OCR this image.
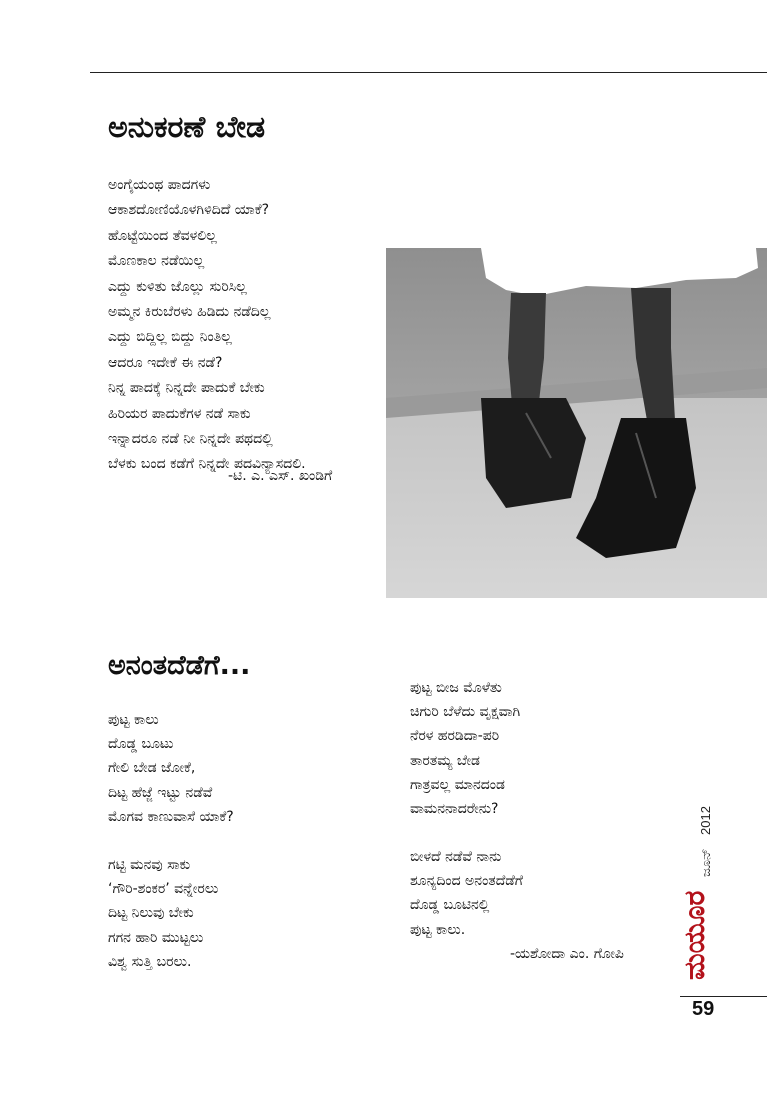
ಅನುಕರಣೆ ಬೇಡ
ಅಂಗೈಯಂಥ ಪಾದಗಳು
ಆಕಾಶದೋಣಿಯೊಳಗಿಳಿದಿದೆ ಯಾಕೆ?
ಹೊಟ್ಟೆಯಿಂದ ತೆವಳಲಿಲ್ಲ
ಮೊಣಕಾಲ ನಡೆಯಿಲ್ಲ
ಎದ್ದು ಕುಳಿತು ಜೊಲ್ಲು ಸುರಿಸಿಲ್ಲ
ಅಮ್ಮನ ಕಿರುಬೆರಳು ಹಿಡಿದು ನಡೆದಿಲ್ಲ
ಎದ್ದು ಬಿದ್ದಿಲ್ಲ ಬಿದ್ದು ನಿಂತಿಲ್ಲ
ಆದರೂ ಇದೇಕೆ ಈ ನಡೆ?
ನಿನ್ನ ಪಾದಕ್ಕೆ ನಿನ್ನದೇ ಪಾದುಕೆ ಬೇಕು
ಹಿರಿಯರ ಪಾದುಕೆಗಳ ನಡೆ ಸಾಕು
ಇನ್ನಾದರೂ ನಡೆ ನೀ ನಿನ್ನದೇ ಪಥದಲ್ಲಿ
ಬೆಳಕು ಬಂದ ಕಡೆಗೆ ನಿನ್ನದೇ ಪದವಿನ್ಯಾಸದಲಿ.
-ಟಿ. ಎ. ಎಸ್. ಖಂಡಿಗೆ
ಅನಂತದೆಡೆಗೆ...
ಪುಟ್ಟ ಕಾಲು
ದೊಡ್ಡ ಬೂಟು
ಗೇಲಿ ಬೇಡ ಜೋಕೆ,
ದಿಟ್ಟ ಹೆಜ್ಜೆ ಇಟ್ಟು ನಡೆವೆ
ಮೊಗವ ಕಾಣುವಾಸೆ ಯಾಕೆ?
ಗಟ್ಟಿ ಮನವು ಸಾಕು
‘ಗೌರಿ-ಶಂಕರ’ ವನ್ನೇರಲು
ದಿಟ್ಟ ನಿಲುವು ಬೇಕು
ಗಗನ ಹಾರಿ ಮುಟ್ಟಲು
ವಿಶ್ವ ಸುತ್ತಿ ಬರಲು.
ಪುಟ್ಟ ಬೀಜ ಮೊಳೆತು
ಚಿಗುರಿ ಬೆಳೆದು ವೃಕ್ಷವಾಗಿ
ನೆರಳ ಹರಡಿದಾ-ಪರಿ
ತಾರತಮ್ಯ ಬೇಡ
ಗಾತ್ರವಲ್ಲ ಮಾನದಂಡ
ವಾಮನನಾದರೇನು?
ಬೀಳದೆ ನಡೆವೆ ನಾನು
ಶೂನ್ಯದಿಂದ ಅನಂತದೆಡೆಗೆ
ದೊಡ್ಡ ಬೂಟಿನಲ್ಲಿ
ಪುಟ್ಟ ಕಾಲು.
-ಯಶೋದಾ ಎಂ. ಗೋಪಿ
2012
ಜೂನ್
ಮಯೂರ
59
